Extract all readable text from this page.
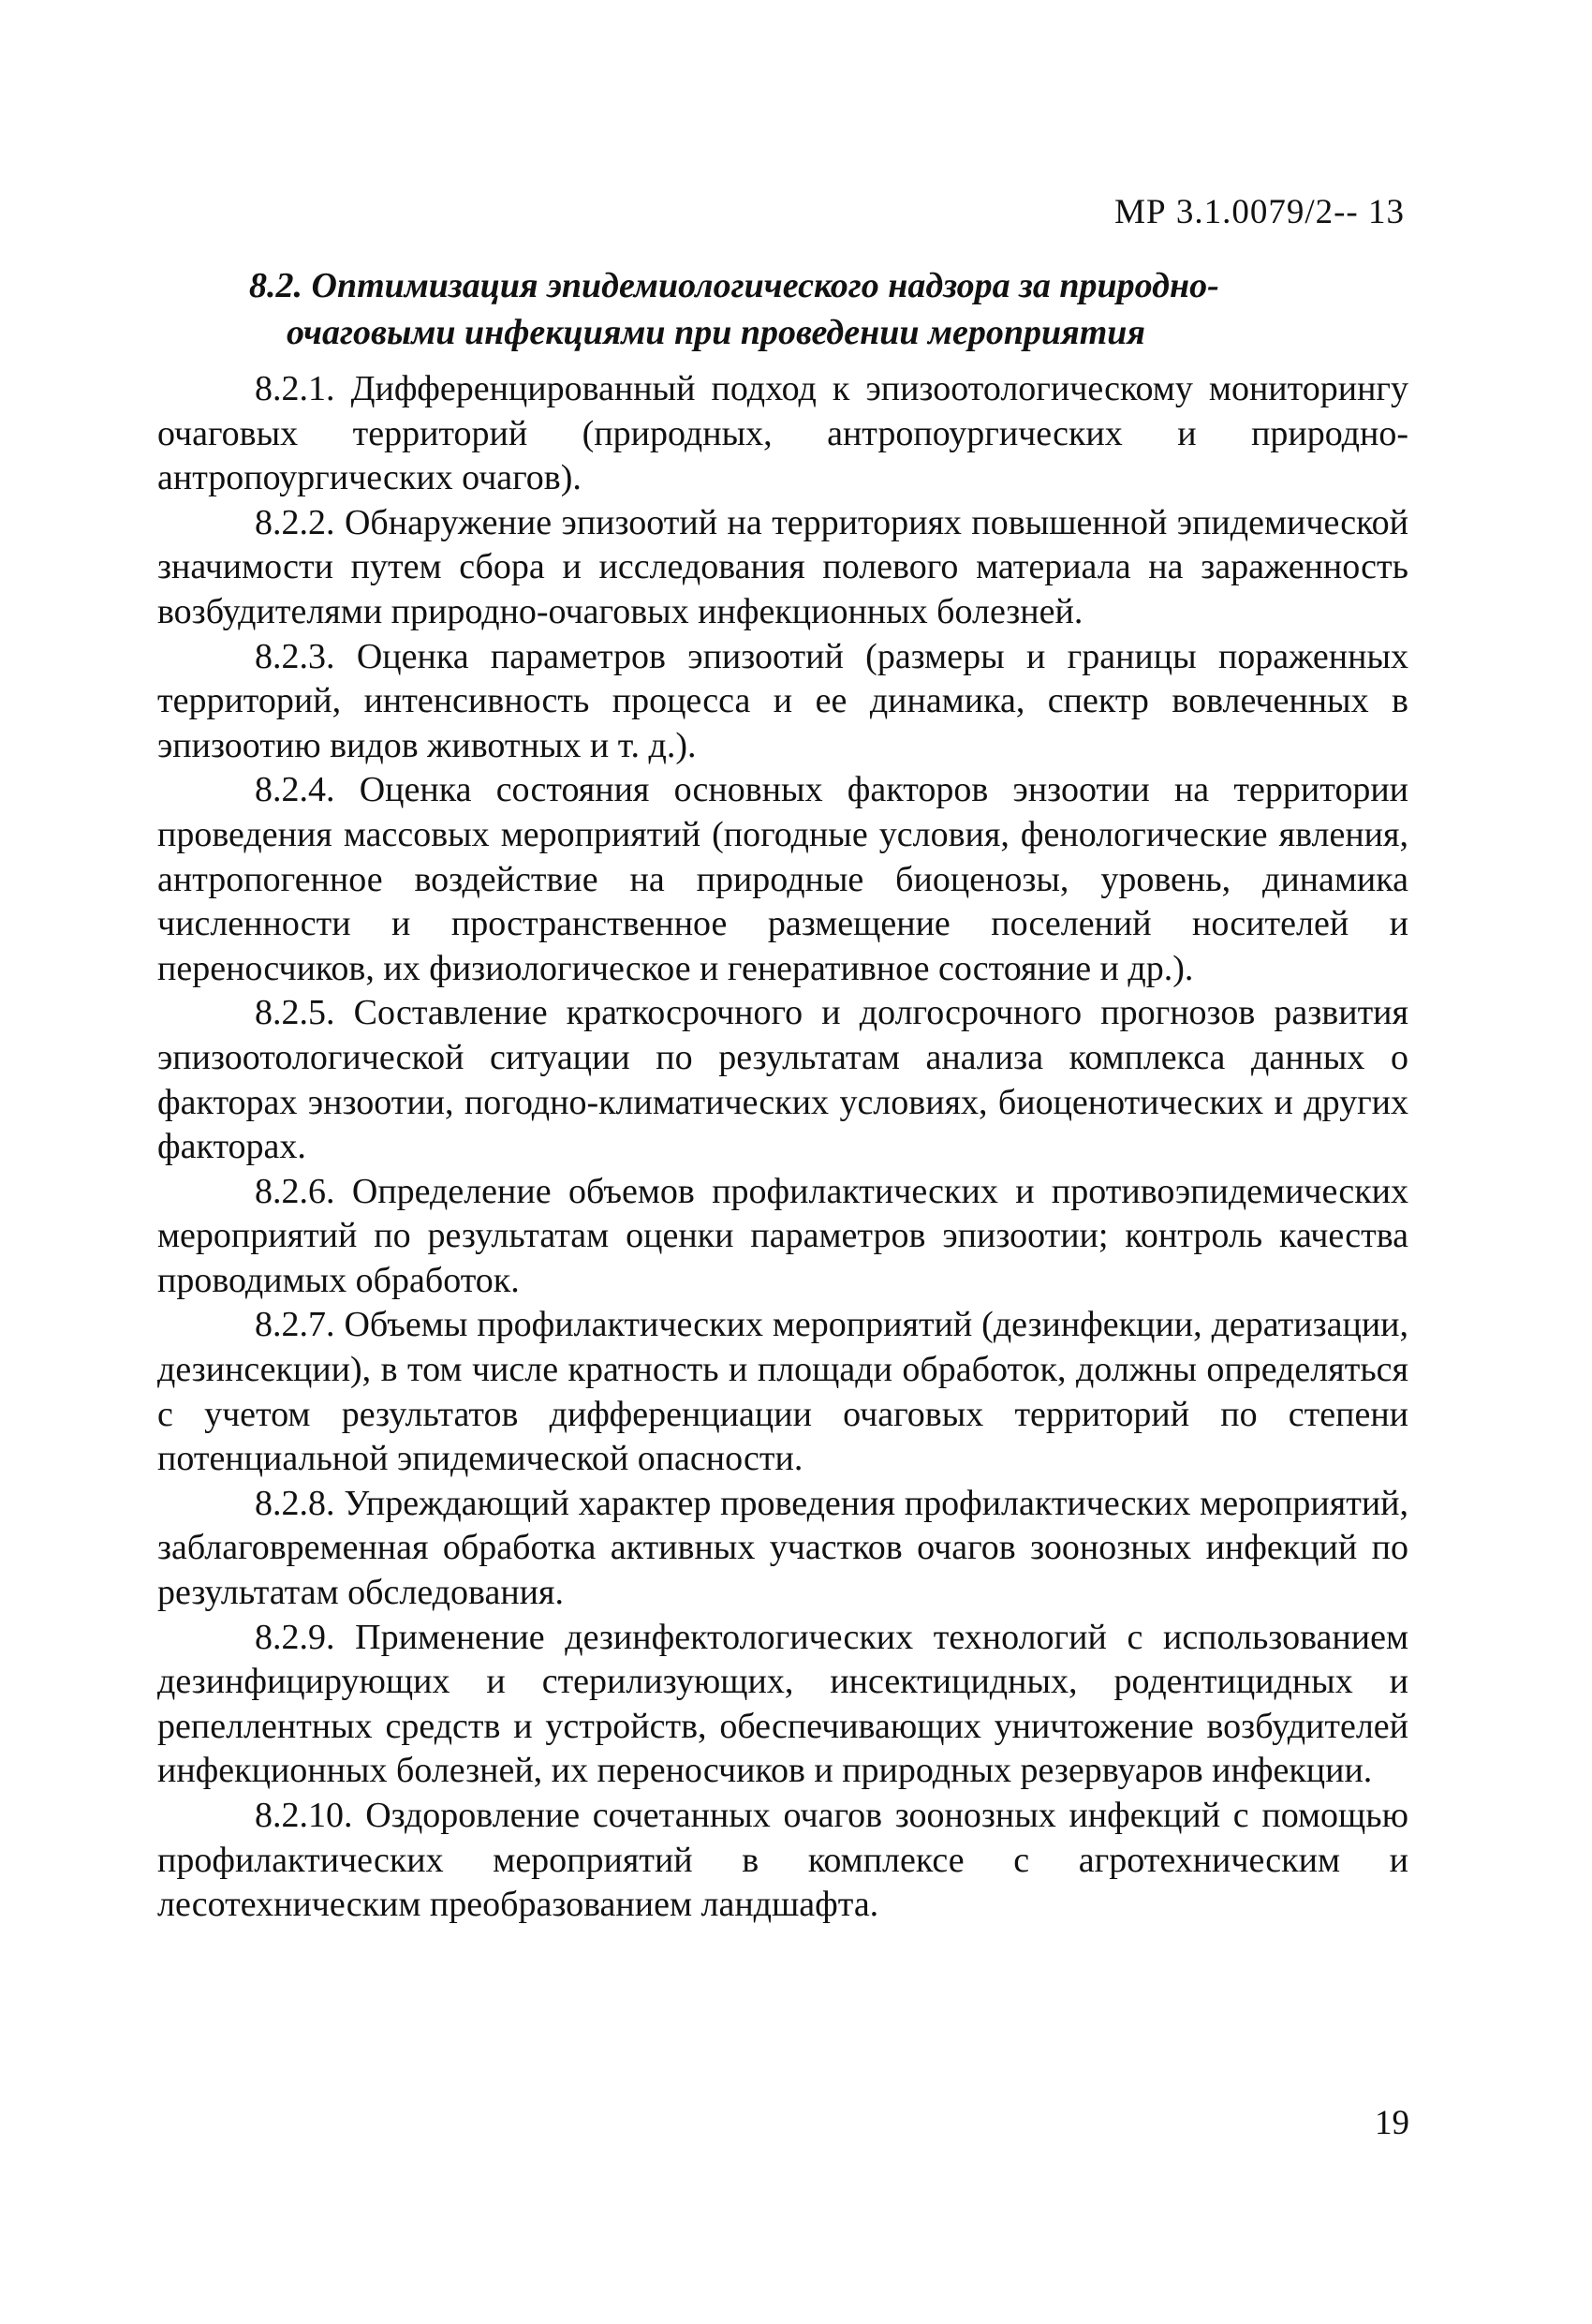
МР 3.1.0079/2-- 13
8.2. Оптимизация эпидемиологического надзора за природно-
очаговыми инфекциями при проведении мероприятия

8.2.1. Дифференцированный подход к эпизоотологическому мониторингу очаговых территорий (природных, антропоургических и природно-антропоургических очагов).

8.2.2. Обнаружение эпизоотий на территориях повышенной эпидемической значимости путем сбора и исследования полевого материала на зараженность возбудителями природно-очаговых инфекционных болезней.

8.2.3. Оценка параметров эпизоотий (размеры и границы пораженных территорий, интенсивность процесса и ее динамика, спектр вовлеченных в эпизоотию видов животных и т. д.).

8.2.4. Оценка состояния основных факторов энзоотии на территории проведения массовых мероприятий (погодные условия, фенологические явления, антропогенное воздействие на природные биоценозы, уровень, динамика численности и пространственное размещение поселений носителей и переносчиков, их физиологическое и генеративное состояние и др.).

8.2.5. Составление краткосрочного и долгосрочного прогнозов развития эпизоотологической ситуации по результатам анализа комплекса данных о факторах энзоотии, погодно-климатических условиях, биоценотических и других факторах.

8.2.6. Определение объемов профилактических и противоэпидемических мероприятий по результатам оценки параметров эпизоотии; контроль качества проводимых обработок.

8.2.7. Объемы профилактических мероприятий (дезинфекции, дератизации, дезинсекции), в том числе кратность и площади обработок, должны определяться с учетом результатов дифференциации очаговых территорий по степени потенциальной эпидемической опасности.

8.2.8. Упреждающий характер проведения профилактических мероприятий, заблаговременная обработка активных участков очагов зоонозных инфекций по результатам обследования.

8.2.9. Применение дезинфектологических технологий с использованием дезинфицирующих и стерилизующих, инсектицидных, родентицидных и репеллентных средств и устройств, обеспечивающих уничтожение возбудителей инфекционных болезней, их переносчиков и природных резервуаров инфекции.

8.2.10. Оздоровление сочетанных очагов зоонозных инфекций с помощью профилактических мероприятий в комплексе с агротехническим и лесотехническим преобразованием ландшафта.

19
